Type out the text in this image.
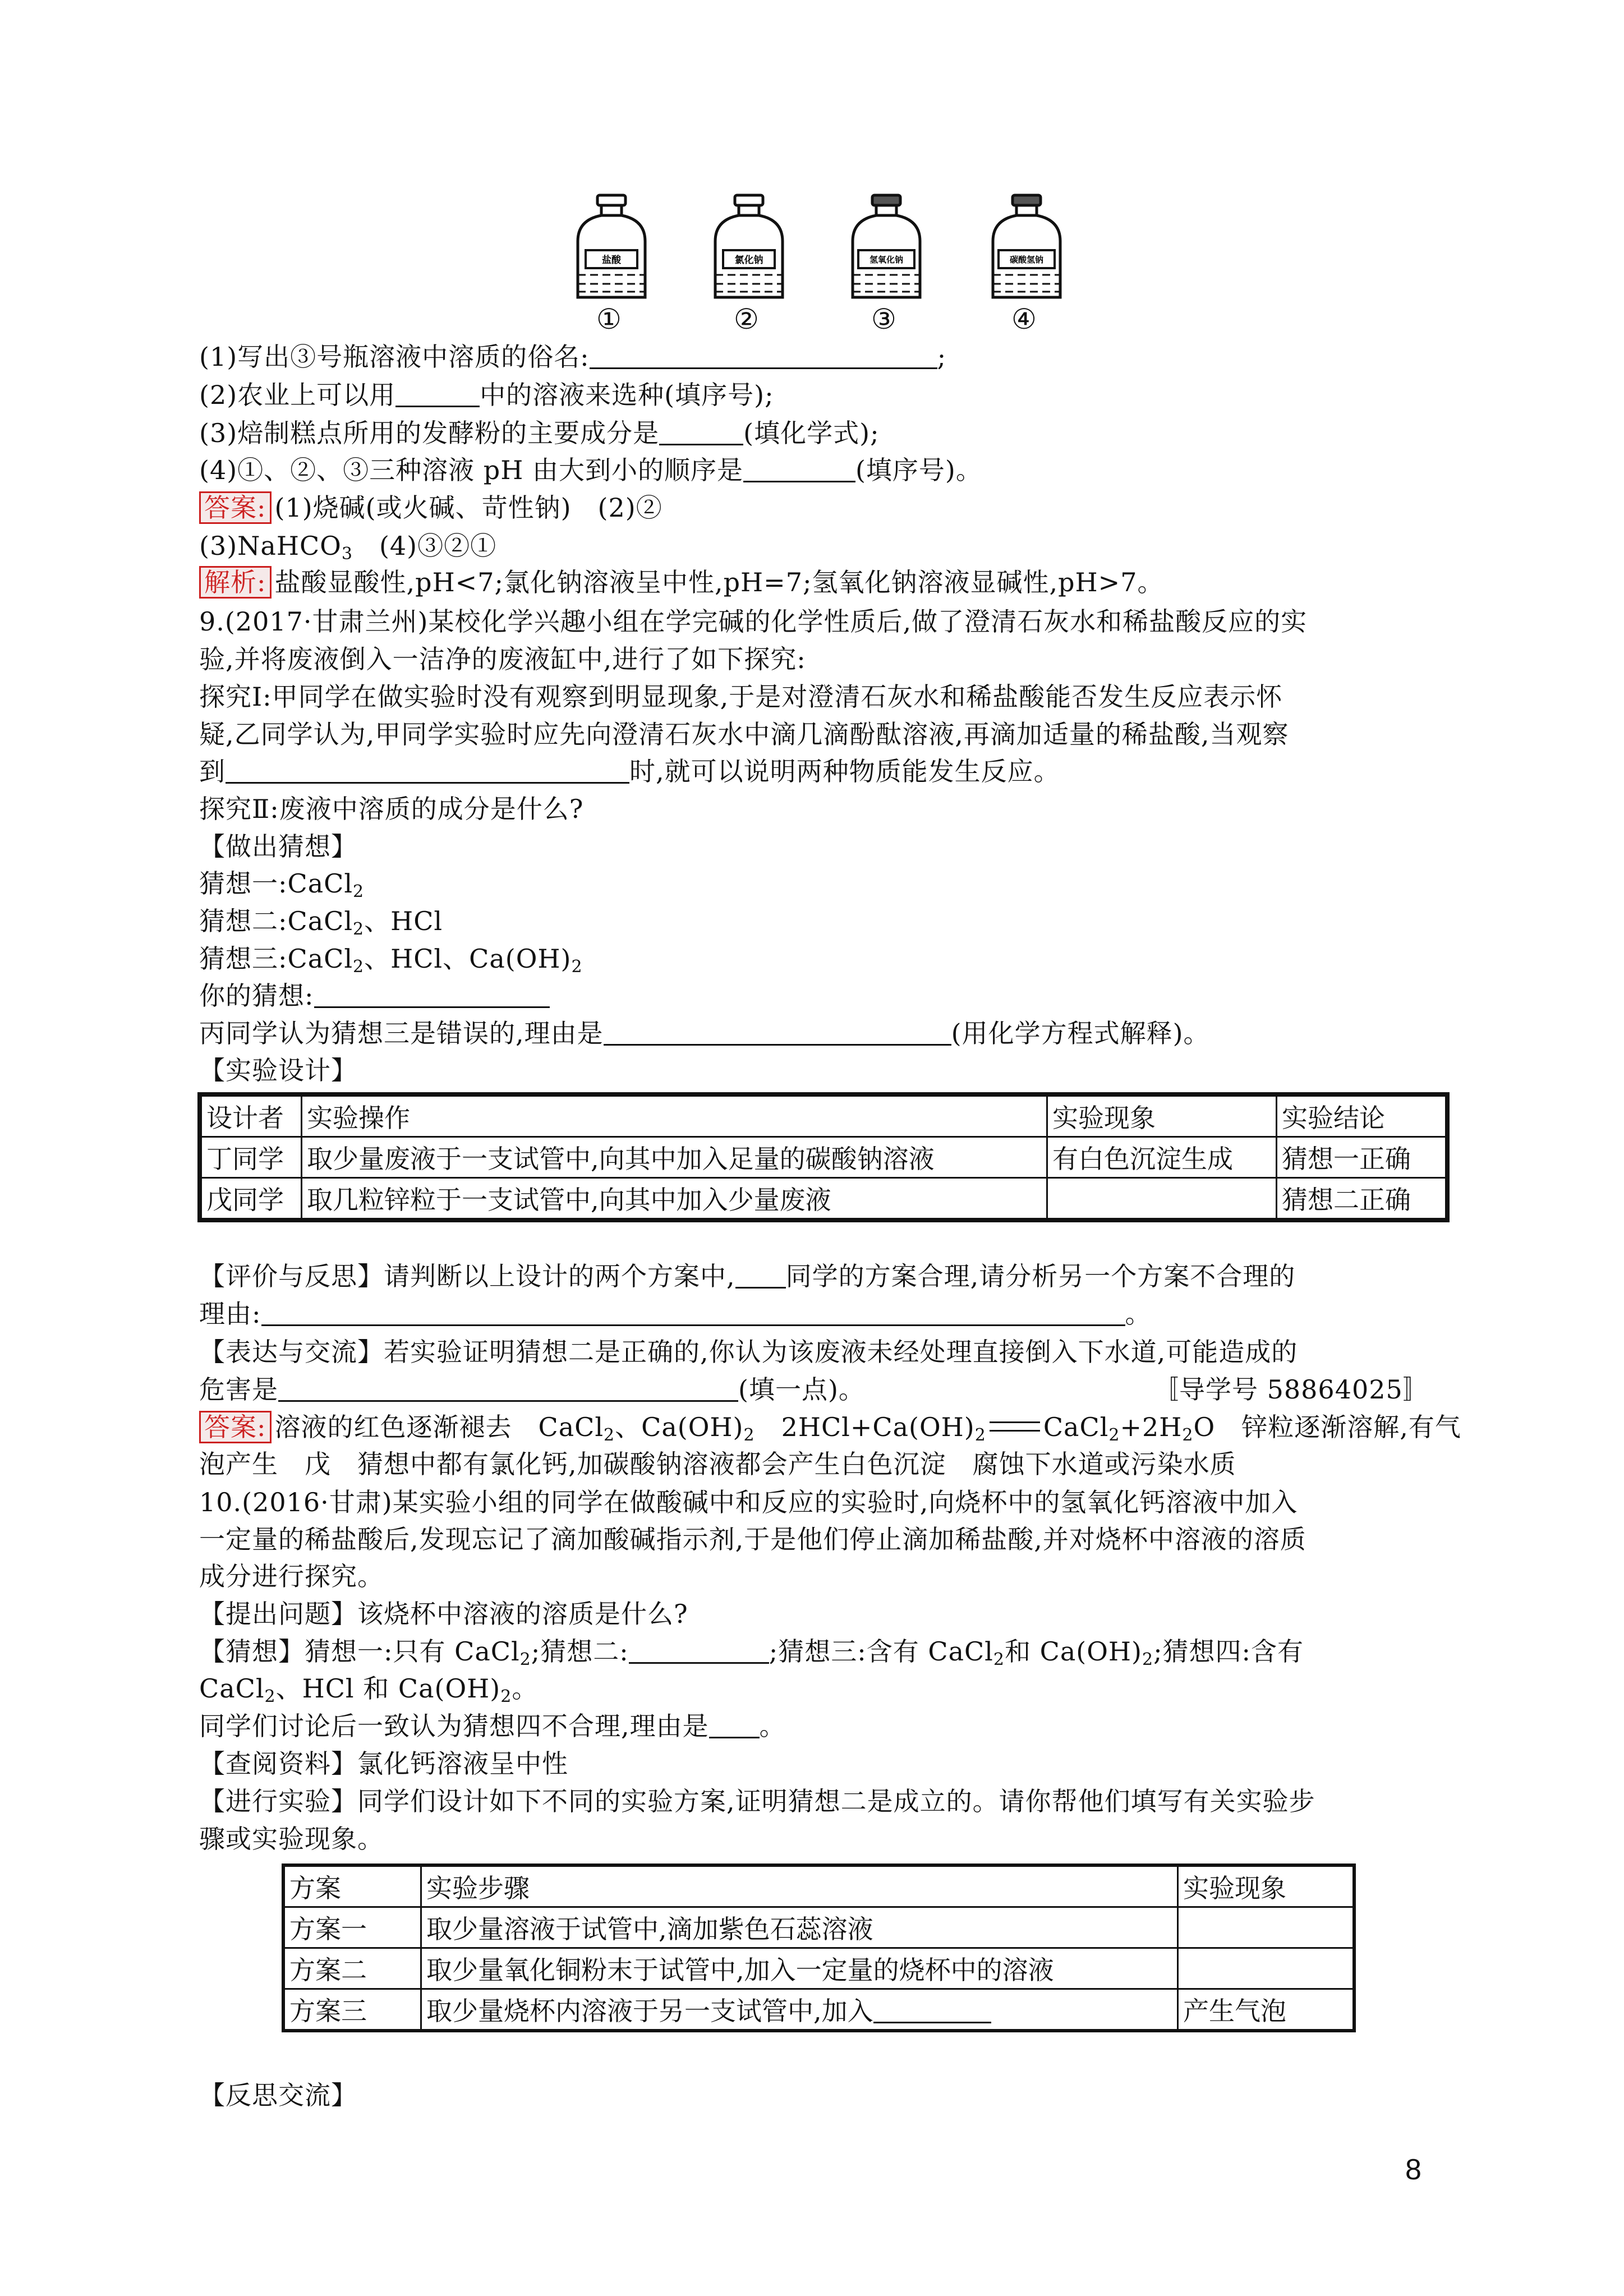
盐酸	氯化钠	氢氧化钠	碳酸氢钠
①	②	③	④
(1)写出③号瓶溶液中溶质的俗名:	;
(2)农业上可以用	中的溶液来选种(填序号);
(3)焙制糕点所用的发酵粉的主要成分是	(填化学式);
(4)①、②、③三种溶液 pH 由大到小的顺序是	(填序号)。
答案: (1)烧碱(或火碱、苛性钠)　(2)②
(3)NaHCO$_3$　(4)③②①
解析: 盐酸显酸性,pH<7;氯化钠溶液呈中性,pH=7;氢氧化钠溶液显碱性,pH>7。
9.(2017·甘肃兰州)某校化学兴趣小组在学完碱的化学性质后,做了澄清石灰水和稀盐酸反应的实
验,并将废液倒入一洁净的废液缸中,进行了如下探究:
探究Ⅰ:甲同学在做实验时没有观察到明显现象,于是对澄清石灰水和稀盐酸能否发生反应表示怀
疑,乙同学认为,甲同学实验时应先向澄清石灰水中滴几滴酚酞溶液,再滴加适量的稀盐酸,当观察
到	时,就可以说明两种物质能发生反应。
探究Ⅱ:废液中溶质的成分是什么?
【做出猜想】
猜想一:CaCl$_2$
猜想二:CaCl$_2$、HCl
猜想三:CaCl$_2$、HCl、$Ca(OH)_2$
你的猜想:
丙同学认为猜想三是错误的,理由是	(用化学方程式解释)。
【实验设计】
设计者	实验操作	实验现象	实验结论
丁同学	取少量废液于一支试管中,向其中加入足量的碳酸钠溶液	有白色沉淀生成	猜想一正确
戊同学	取几粒锌粒于一支试管中,向其中加入少量废液		猜想二正确
【评价与反思】请判断以上设计的两个方案中, 同学的方案合理,请分析另一个方案不合理的
理由:	。
【表达与交流】若实验证明猜想二是正确的,你认为该废液未经处理直接倒入下水道,可能造成的
危害是	(填一点)。	〚导学号 58864025〛
答案: 溶液的红色逐渐褪去　CaCl$_2$、$Ca(OH)_2$　$2HCl+Ca(OH)_2$ $CaCl_2+2H_2O$　锌粒逐渐溶解,有气
泡产生　戊　猜想中都有氯化钙,加碳酸钠溶液都会产生白色沉淀　腐蚀下水道或污染水质
10.(2016·甘肃)某实验小组的同学在做酸碱中和反应的实验时,向烧杯中的氢氧化钙溶液中加入
一定量的稀盐酸后,发现忘记了滴加酸碱指示剂,于是他们停止滴加稀盐酸,并对烧杯中溶液的溶质
成分进行探究。
【提出问题】该烧杯中溶液的溶质是什么?
【猜想】猜想一:只有 CaCl$_2$;猜想二:	;猜想三:含有 CaCl$_2$和 $Ca(OH)_2$;猜想四:含有
CaCl$_2$、HCl 和 $Ca(OH)_2$。
同学们讨论后一致认为猜想四不合理,理由是 。
【查阅资料】氯化钙溶液呈中性
【进行实验】同学们设计如下不同的实验方案,证明猜想二是成立的。请你帮他们填写有关实验步
骤或实验现象。
方案	实验步骤	实验现象
方案一	取少量溶液于试管中,滴加紫色石蕊溶液	
方案二	取少量氧化铜粉末于试管中,加入一定量的烧杯中的溶液	
方案三	取少量烧杯内溶液于另一支试管中,加入	产生气泡
【反思交流】
8
